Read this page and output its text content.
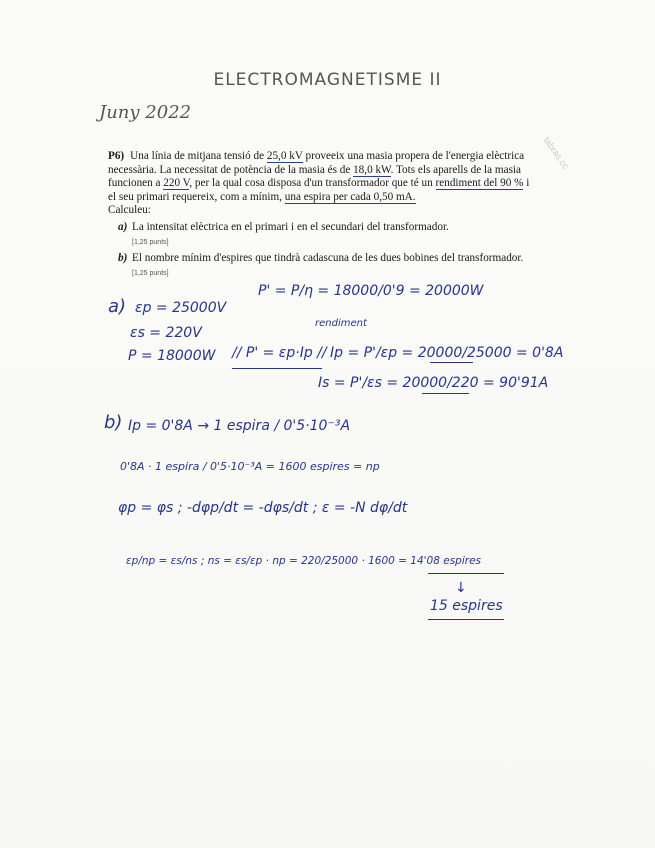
ELECTROMAGNETISME II
Juny 2022
tabras.cc
P6) Una línia de mitjana tensió de 25,0 kV proveeix una masia propera de l'energia elèctrica necessària. La necessitat de potència de la masia és de 18,0 kW. Tots els aparells de la masia funcionen a 220 V, per la qual cosa disposa d'un transformador que té un rendiment del 90 % i el seu primari requereix, com a mínim, una espira per cada 0,50 mA.
Calculeu:
a) La intensitat elèctrica en el primari i en el secundari del transformador.
[1,25 punts]
b) El nombre mínim d'espires que tindrà cadascuna de les dues bobines del transformador.
[1,25 punts]
a) εp = 25000V
εs = 220V
P = 18000W
P' = P/η = 18000/0'9 = 20000W
rendiment
// P' = εp·Ip // Ip = P'/εp = 20000/25000 = 0'8A
Is = P'/εs = 20000/220 = 90'91A
b) Ip = 0'8A → 1 espira / 0'5·10⁻³A
0'8A · 1 espira / 0'5·10⁻³A = 1600 espires = np
φp = φs ; -dφp/dt = -dφs/dt ; ε = -N dφ/dt
εp/np = εs/ns ; ns = εs/εp · np = 220/25000 · 1600 = 14'08 espires
↓
15 espires
